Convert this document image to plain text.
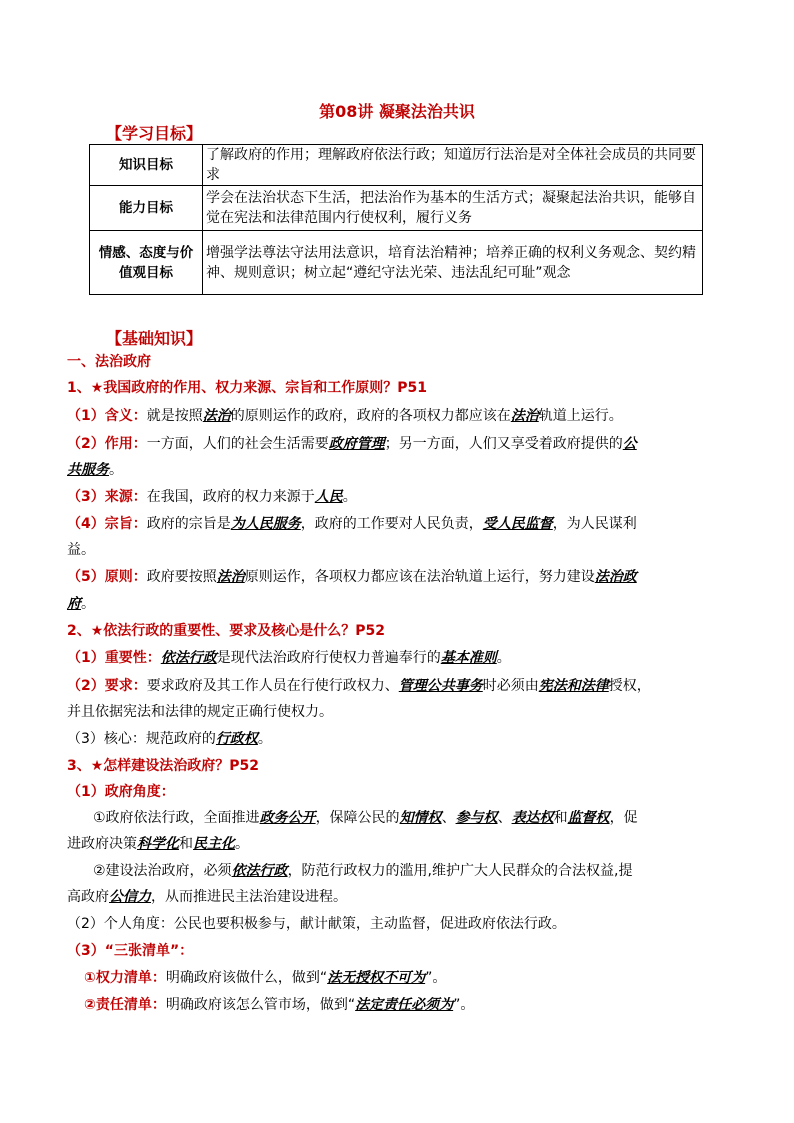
第08讲 凝聚法治共识
【学习目标】
知识目标	了解政府的作用；理解政府依法行政；知道厉行法治是对全体社会成员的共同要求
能力目标	学会在法治状态下生活，把法治作为基本的生活方式；凝聚起法治共识，能够自觉在宪法和法律范围内行使权利，履行义务
情感、态度与价值观目标	增强学法尊法守法用法意识，培育法治精神；培养正确的权利义务观念、契约精神、规则意识；树立起“遵纪守法光荣、违法乱纪可耻”观念
【基础知识】
一、法治政府
1、★我国政府的作用、权力来源、宗旨和工作原则？P51
（1）含义：就是按照法治的原则运作的政府，政府的各项权力都应该在法治轨道上运行。
（2）作用：一方面，人们的社会生活需要政府管理；另一方面，人们又享受着政府提供的公
共服务。
（3）来源：在我国，政府的权力来源于人民。
（4）宗旨：政府的宗旨是为人民服务，政府的工作要对人民负责，受人民监督，为人民谋利
益。
（5）原则：政府要按照法治原则运作，各项权力都应该在法治轨道上运行，努力建设法治政
府。
2、★依法行政的重要性、要求及核心是什么？P52
（1）重要性：依法行政是现代法治政府行使权力普遍奉行的基本准则。
（2）要求：要求政府及其工作人员在行使行政权力、管理公共事务时必须由宪法和法律授权，
并且依据宪法和法律的规定正确行使权力。
（3）核心：规范政府的行政权。
3、★怎样建设法治政府？P52
（1）政府角度：
①政府依法行政，全面推进政务公开，保障公民的知情权、参与权、表达权和监督权，促
进政府决策科学化和民主化。
②建设法治政府，必须依法行政，防范行政权力的滥用,维护广大人民群众的合法权益,提
高政府公信力，从而推进民主法治建设进程。
（2）个人角度：公民也要积极参与，献计献策，主动监督，促进政府依法行政。
（3）“三张清单”：
①权力清单：明确政府该做什么，做到“法无授权不可为”。
②责任清单：明确政府该怎么管市场，做到“法定责任必须为”。
